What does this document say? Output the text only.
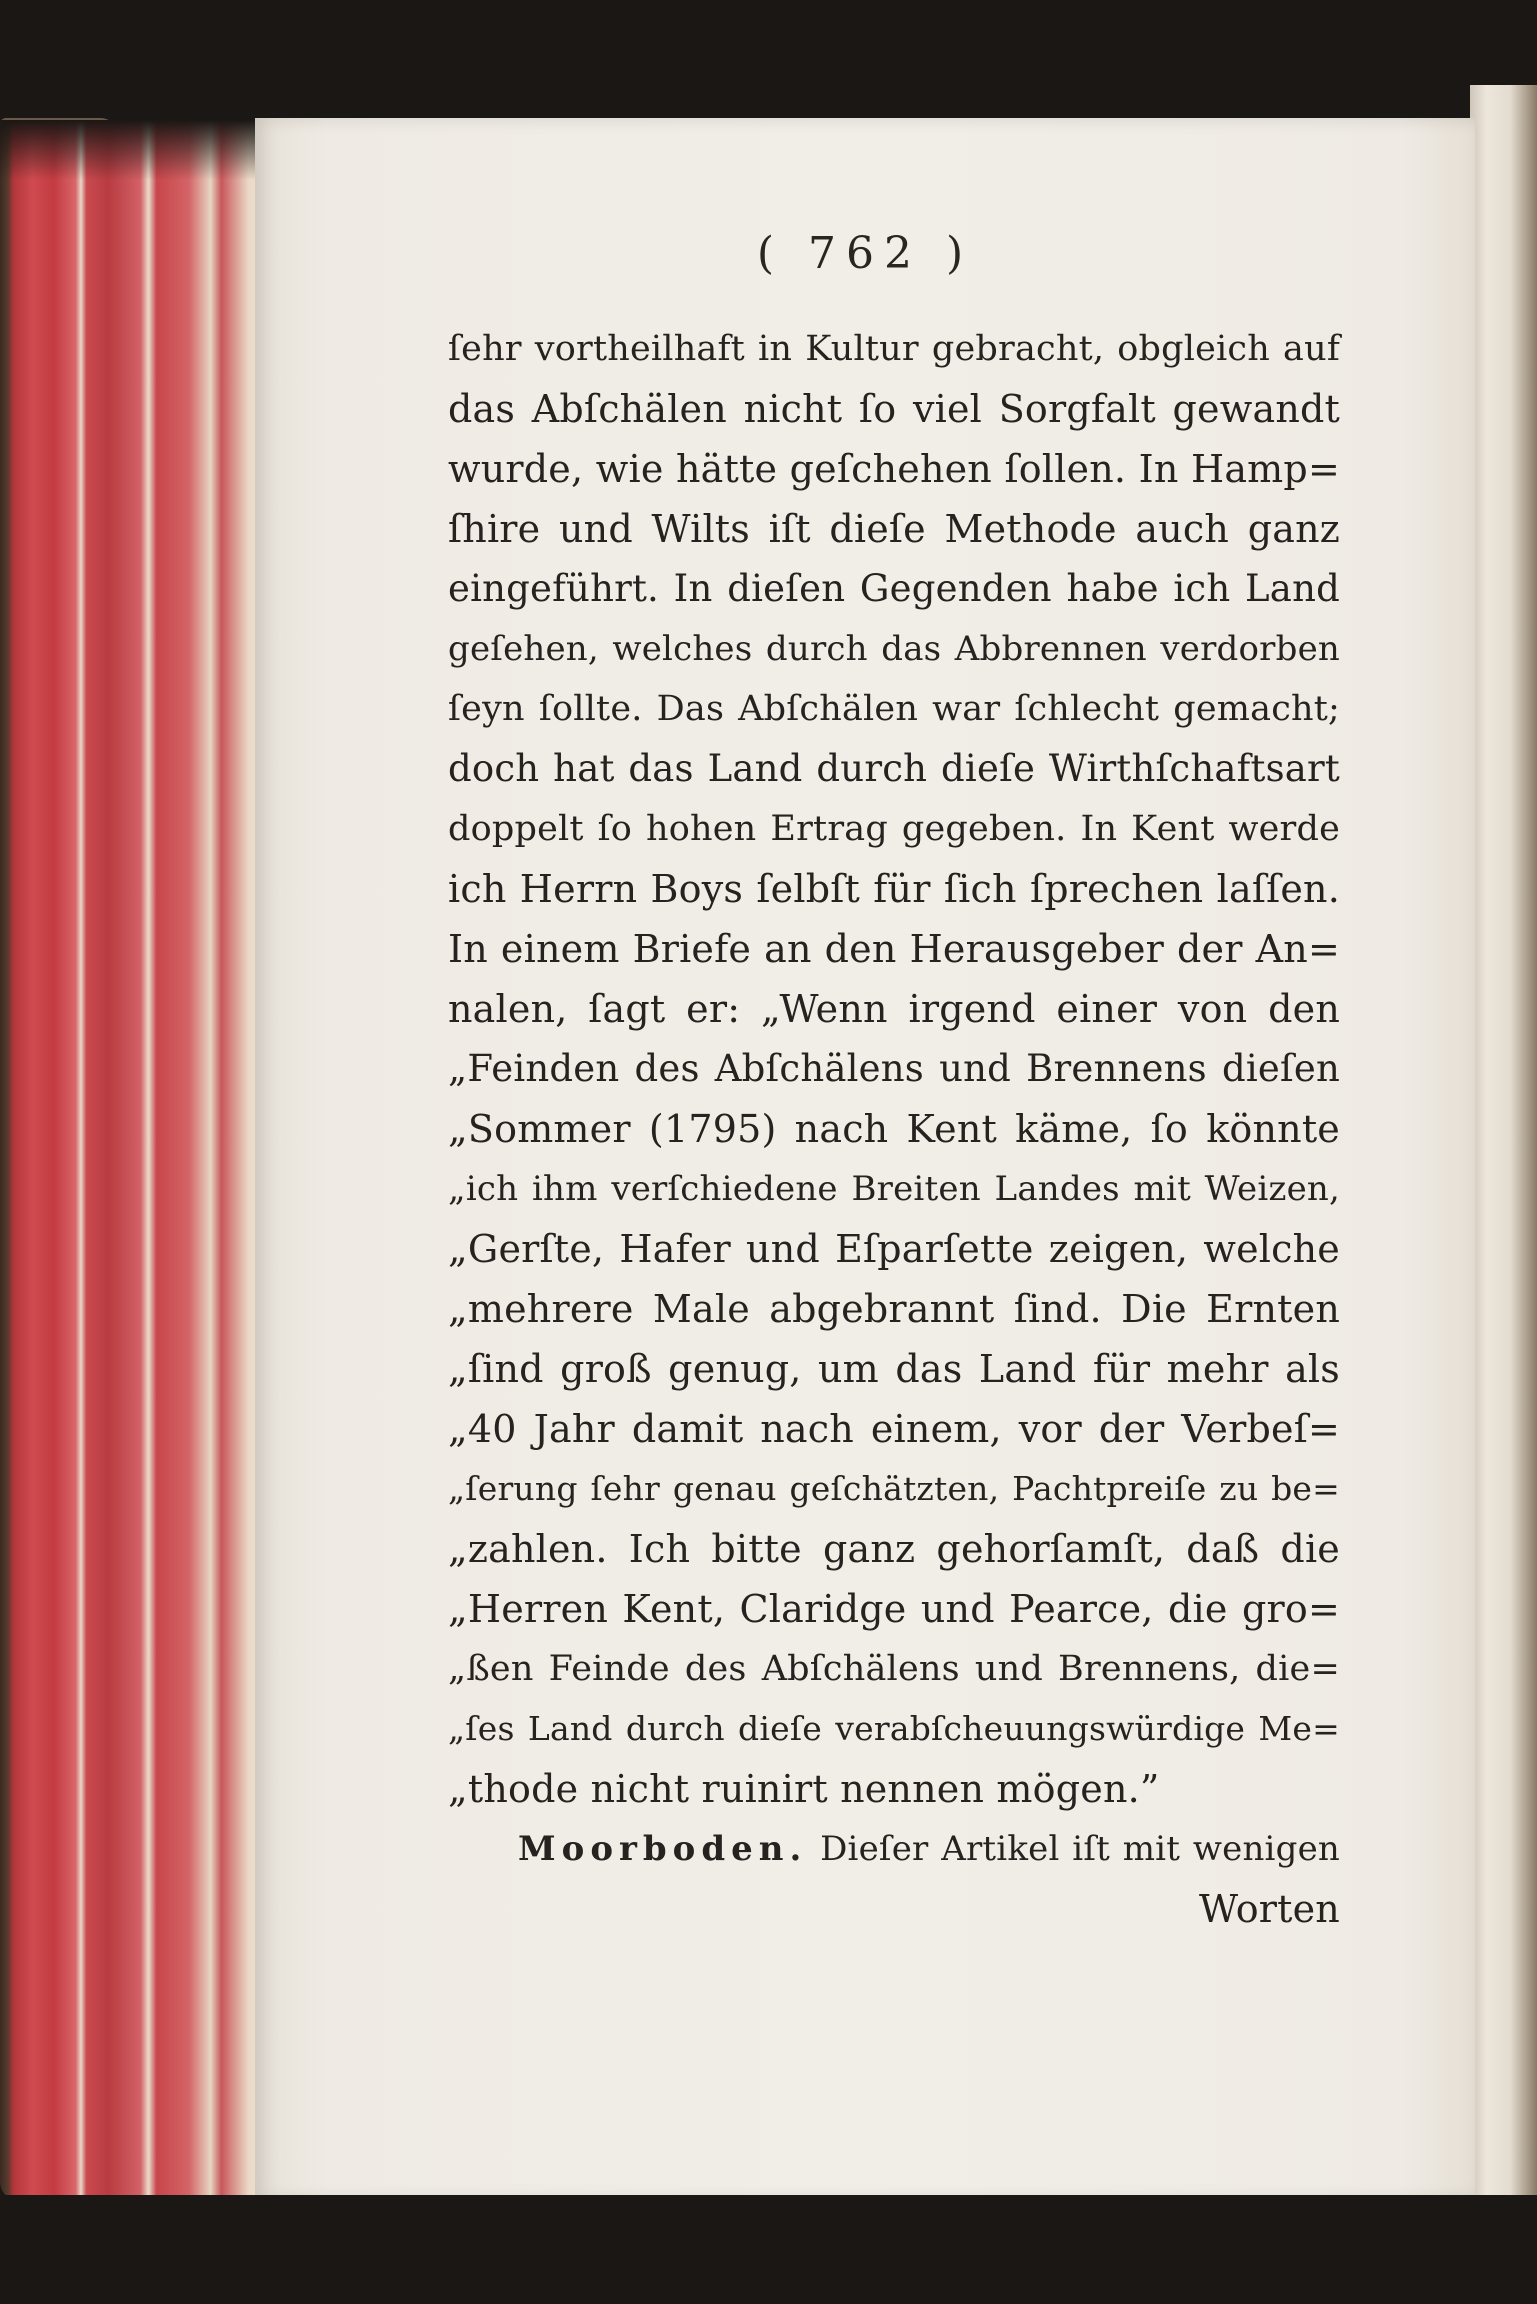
( 762 )
ſehr vortheilhaft in Kultur gebracht, obgleich auf
das Abſchälen nicht ſo viel Sorgfalt gewandt
wurde, wie hätte geſchehen ſollen. In Hamp=
ſhire und Wilts iſt dieſe Methode auch ganz
eingeführt. In dieſen Gegenden habe ich Land
geſehen, welches durch das Abbrennen verdorben
ſeyn ſollte. Das Abſchälen war ſchlecht gemacht;
doch hat das Land durch dieſe Wirthſchaftsart
doppelt ſo hohen Ertrag gegeben. In Kent werde
ich Herrn Boys ſelbſt für ſich ſprechen laſſen.
In einem Briefe an den Herausgeber der An=
nalen, ſagt er: „Wenn irgend einer von den
„Feinden des Abſchälens und Brennens dieſen
„Sommer (1795) nach Kent käme, ſo könnte
„ich ihm verſchiedene Breiten Landes mit Weizen,
„Gerſte, Hafer und Eſparſette zeigen, welche
„mehrere Male abgebrannt ſind. Die Ernten
„ſind groß genug, um das Land für mehr als
„40 Jahr damit nach einem, vor der Verbeſ=
„ſerung ſehr genau geſchätzten, Pachtpreiſe zu be=
„zahlen. Ich bitte ganz gehorſamſt, daß die
„Herren Kent, Claridge und Pearce, die gro=
„ßen Feinde des Abſchälens und Brennens, die=
„ſes Land durch dieſe verabſcheuungswürdige Me=
„thode nicht ruinirt nennen mögen.”
Moorboden. Dieſer Artikel iſt mit wenigen
Worten
